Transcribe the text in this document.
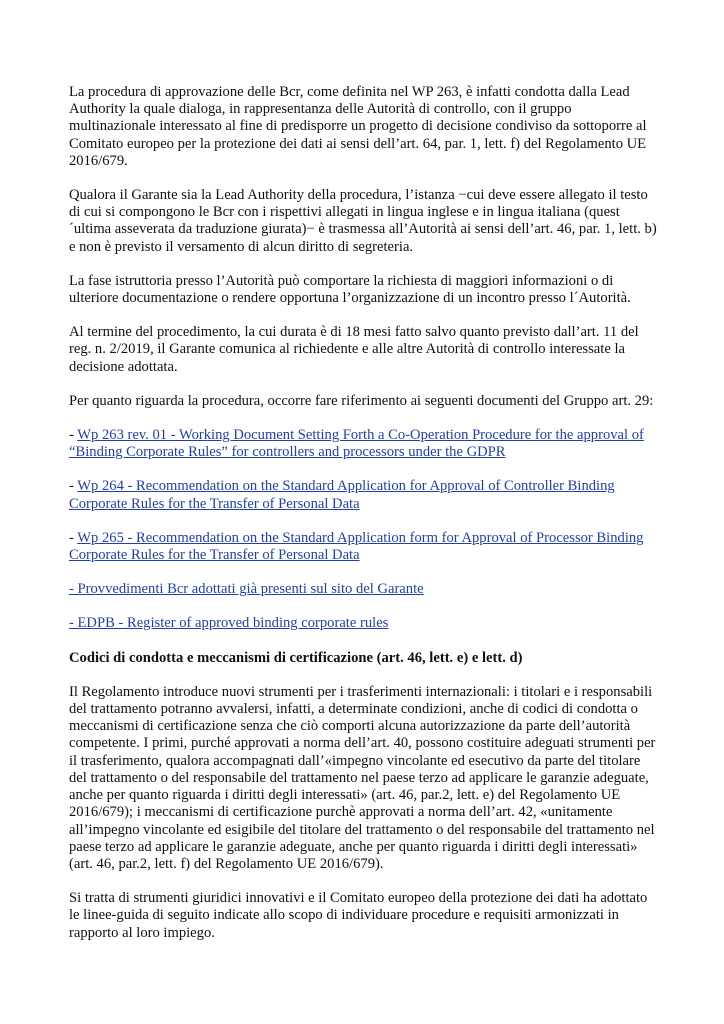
La procedura di approvazione delle Bcr, come definita nel WP 263, è infatti condotta dalla Lead Authority la quale dialoga, in rappresentanza delle Autorità di controllo, con il gruppo multinazionale interessato al fine di predisporre un progetto di decisione condiviso da sottoporre al Comitato europeo per la protezione dei dati ai sensi dell’art. 64, par. 1, lett. f) del Regolamento UE 2016/679.

Qualora il Garante sia la Lead Authority della procedura, l’istanza −cui deve essere allegato il testo di cui si compongono le Bcr con i rispettivi allegati in lingua inglese e in lingua italiana (quest´ultima asseverata da traduzione giurata)− è trasmessa all’Autorità ai sensi dell’art. 46, par. 1, lett. b) e non è previsto il versamento di alcun diritto di segreteria.

La fase istruttoria presso l’Autorità può comportare la richiesta di maggiori informazioni o di ulteriore documentazione o rendere opportuna l’organizzazione di un incontro presso l´Autorità.

Al termine del procedimento, la cui durata è di 18 mesi fatto salvo quanto previsto dall’art. 11 del reg. n. 2/2019, il Garante comunica al richiedente e alle altre Autorità di controllo interessate la decisione adottata.

Per quanto riguarda la procedura, occorre fare riferimento ai seguenti documenti del Gruppo art. 29:

- Wp 263 rev. 01 - Working Document Setting Forth a Co-Operation Procedure for the approval of “Binding Corporate Rules” for controllers and processors under the GDPR
- Wp 264 - Recommendation on the Standard Application for Approval of Controller Binding Corporate Rules for the Transfer of Personal Data
- Wp 265 - Recommendation on the Standard Application form for Approval of Processor Binding Corporate Rules for the Transfer of Personal Data
- Provvedimenti Bcr adottati già presenti sul sito del Garante
- EDPB - Register of approved binding corporate rules

Codici di condotta e meccanismi di certificazione (art. 46, lett. e) e lett. d)

Il Regolamento introduce nuovi strumenti per i trasferimenti internazionali: i titolari e i responsabili del trattamento potranno avvalersi, infatti, a determinate condizioni, anche di codici di condotta o meccanismi di certificazione senza che ciò comporti alcuna autorizzazione da parte dell’autorità competente. I primi, purché approvati a norma dell’art. 40, possono costituire adeguati strumenti per il trasferimento, qualora accompagnati dall’«impegno vincolante ed esecutivo da parte del titolare del trattamento o del responsabile del trattamento nel paese terzo ad applicare le garanzie adeguate, anche per quanto riguarda i diritti degli interessati» (art. 46, par.2, lett. e) del Regolamento UE 2016/679); i meccanismi di certificazione purchè approvati a norma dell’art. 42, «unitamente all’impegno vincolante ed esigibile del titolare del trattamento o del responsabile del trattamento nel paese terzo ad applicare le garanzie adeguate, anche per quanto riguarda i diritti degli interessati» (art. 46, par.2, lett. f) del Regolamento UE 2016/679).

Si tratta di strumenti giuridici innovativi e il Comitato europeo della protezione dei dati ha adottato le linee-guida di seguito indicate allo scopo di individuare procedure e requisiti armonizzati in rapporto al loro impiego.
